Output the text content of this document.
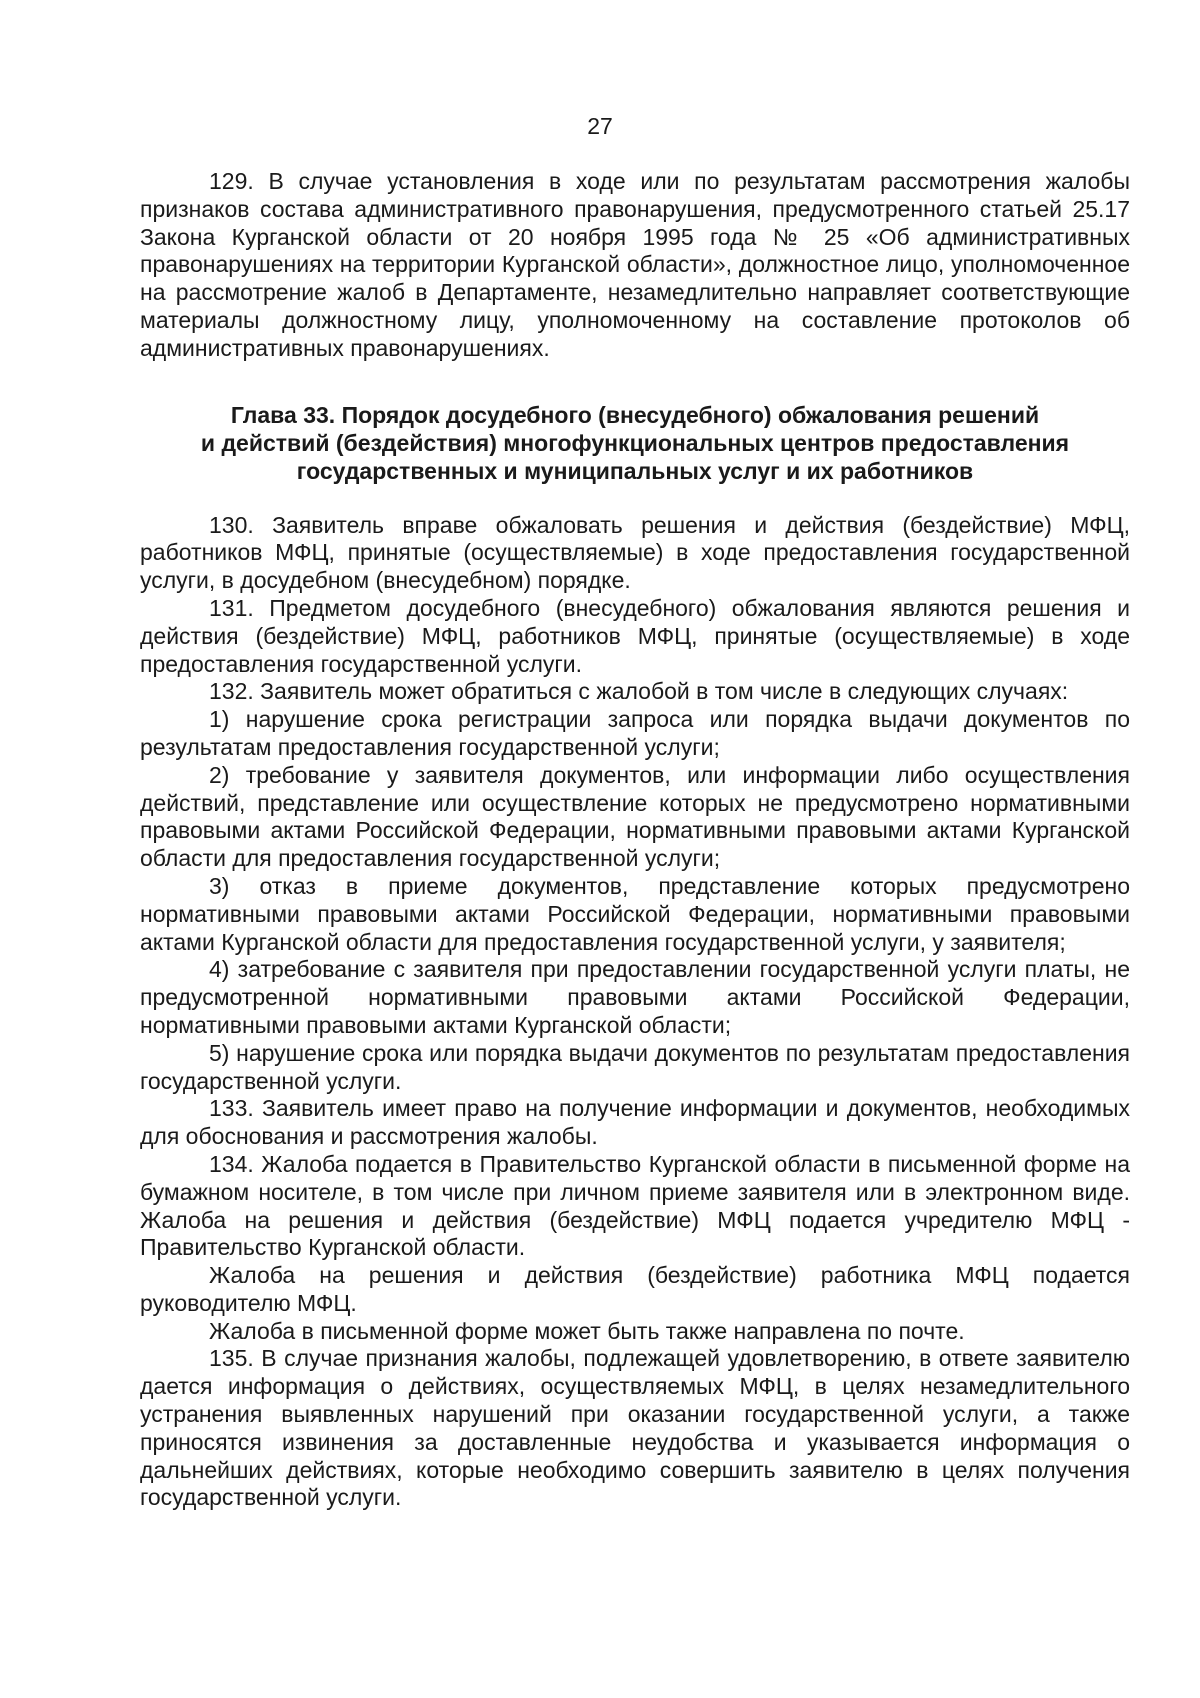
27

129. В случае установления в ходе или по результатам рассмотрения жалобы признаков состава административного правонарушения, предусмотренного статьей 25.17 Закона Курганской области от 20 ноября 1995 года № 25 «Об административных правонарушениях на территории Курганской области», должностное лицо, уполномоченное на рассмотрение жалоб в Департаменте, незамедлительно направляет соответствующие материалы должностному лицу, уполномоченному на составление протоколов об административных правонарушениях.

Глава 33. Порядок досудебного (внесудебного) обжалования решений
и действий (бездействия) многофункциональных центров предоставления
государственных и муниципальных услуг и их работников

130. Заявитель вправе обжаловать решения и действия (бездействие) МФЦ, работников МФЦ, принятые (осуществляемые) в ходе предоставления государственной услуги, в досудебном (внесудебном) порядке.

131. Предметом досудебного (внесудебного) обжалования являются решения и действия (бездействие) МФЦ, работников МФЦ, принятые (осуществляемые) в ходе предоставления государственной услуги.

132. Заявитель может обратиться с жалобой в том числе в следующих случаях:

1) нарушение срока регистрации запроса или порядка выдачи документов по результатам предоставления государственной услуги;

2) требование у заявителя документов, или информации либо осуществления действий, представление или осуществление которых не предусмотрено нормативными правовыми актами Российской Федерации, нормативными правовыми актами Курганской области для предоставления государственной услуги;

3) отказ в приеме документов, представление которых предусмотрено нормативными правовыми актами Российской Федерации, нормативными правовыми актами Курганской области для предоставления государственной услуги, у заявителя;

4) затребование с заявителя при предоставлении государственной услуги платы, не предусмотренной нормативными правовыми актами Российской Федерации, нормативными правовыми актами Курганской области;

5) нарушение срока или порядка выдачи документов по результатам предоставления государственной услуги.

133. Заявитель имеет право на получение информации и документов, необходимых для обоснования и рассмотрения жалобы.

134. Жалоба подается в Правительство Курганской области в письменной форме на бумажном носителе, в том числе при личном приеме заявителя или в электронном виде. Жалоба на решения и действия (бездействие) МФЦ подается учредителю МФЦ - Правительство Курганской области.

Жалоба на решения и действия (бездействие) работника МФЦ подается руководителю МФЦ.

Жалоба в письменной форме может быть также направлена по почте.

135. В случае признания жалобы, подлежащей удовлетворению, в ответе заявителю дается информация о действиях, осуществляемых МФЦ, в целях незамедлительного устранения выявленных нарушений при оказании государственной услуги, а также приносятся извинения за доставленные неудобства и указывается информация о дальнейших действиях, которые необходимо совершить заявителю в целях получения государственной услуги.
